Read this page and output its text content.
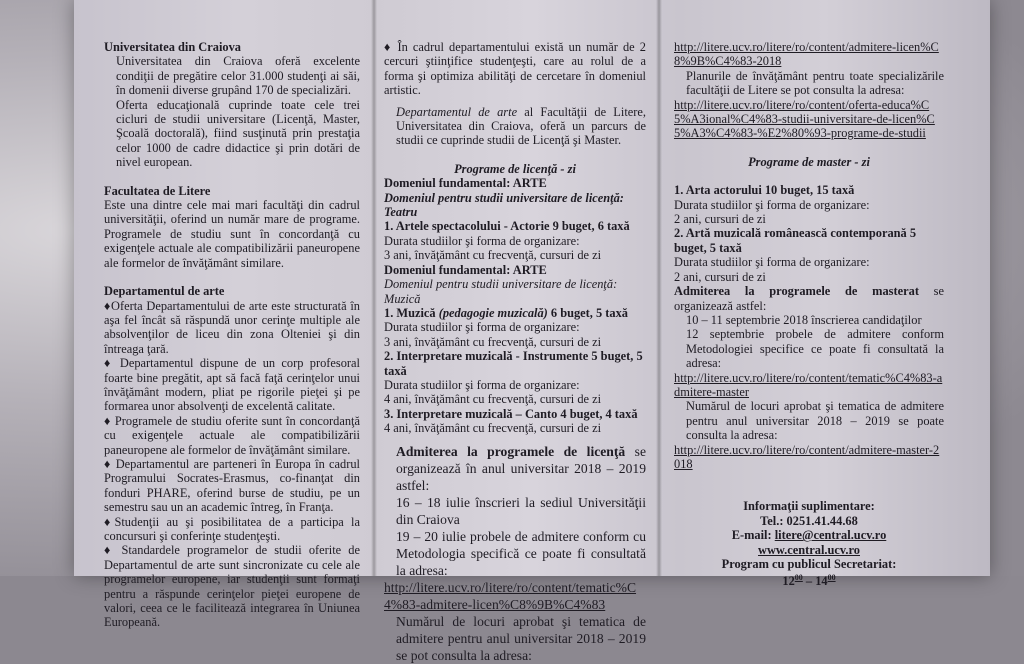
Universitatea din Craiova

Universitatea din Craiova oferă excelente condiţii de pregătire celor 31.000 studenţi ai săi, în domenii diverse grupând 170 de specializări.

Oferta educaţională cuprinde toate cele trei cicluri de studii universitare (Licenţă, Master, Şcoală doctorală), fiind susţinută prin prestaţia celor 1000 de cadre didactice şi prin dotări de nivel european.

Facultatea de Litere

Este una dintre cele mai mari facultăţi din cadrul universităţii, oferind un număr mare de programe. Programele de studiu sunt în concordanţă cu exigenţele actuale ale compatibilizării paneuropene ale formelor de învăţământ similare.

Departamentul de arte

♦Oferta Departamentului de arte este structurată în aşa fel încât să răspundă unor cerinţe multiple ale absolvenţilor de liceu din zona Olteniei şi din întreaga ţară.

♦ Departamentul dispune de un corp profesoral foarte bine pregătit, apt să facă faţă cerinţelor unui învăţământ modern, pliat pe rigorile pieţei şi pe formarea unor absolvenţi de excelentă calitate.

♦ Programele de studiu oferite sunt în concordanţă cu exigenţele actuale ale compatibilizării paneuropene ale formelor de învăţământ similare.

♦ Departamentul are parteneri în Europa în cadrul Programului Socrates-Erasmus, co-finanţat din fonduri PHARE, oferind burse de studiu, pe un semestru sau un an academic întreg, în Franţa.

♦Studenţii au şi posibilitatea de a participa la concursuri şi conferinţe studenţeşti.

♦ Standardele programelor de studii oferite de Departamentul de arte sunt sincronizate cu cele ale programelor europene, iar studenţii sunt formaţi pentru a răspunde cerinţelor pieţei europene de valori, ceea ce le facilitează integrarea în Uniunea Europeană.

♦ În cadrul departamentului există un număr de 2 cercuri ştiinţifice studenţeşti, care au rolul de a forma şi optimiza abilităţi de cercetare în domeniul artistic.

Departamentul de arte al Facultăţii de Litere, Universitatea din Craiova, oferă un parcurs de studii ce cuprinde studii de Licenţă şi Master.

Programe de licenţă - zi

Domeniul fundamental: ARTE

Domeniul pentru studii universitare de licenţă: Teatru

1. Artele spectacolului - Actorie 9 buget, 6 taxă

Durata studiilor şi forma de organizare:

3 ani, învăţământ cu frecvenţă, cursuri de zi

Domeniul fundamental: ARTE

Domeniul pentru studii universitare de licenţă: Muzică

1. Muzică (pedagogie muzicală) 6 buget, 5 taxă

Durata studiilor şi forma de organizare:

3 ani, învăţământ cu frecvenţă, cursuri de zi

2. Interpretare muzicală - Instrumente 5 buget, 5 taxă

Durata studiilor şi forma de organizare:

4 ani, învăţământ cu frecvenţă, cursuri de zi

3. Interpretare muzicală – Canto 4 buget, 4 taxă

4 ani, învăţământ cu frecvenţă, cursuri de zi

Admiterea la programele de licenţă se organizează în anul universitar 2018 – 2019 astfel:

16 – 18 iulie înscrieri la sediul Universităţii din Craiova

19 – 20 iulie probele de admitere conform cu Metodologia specifică ce poate fi consultată la adresa:

http://litere.ucv.ro/litere/ro/content/tematic%C4%83-admitere-licen%C8%9B%C4%83

Numărul de locuri aprobat şi tematica de admitere pentru anul universitar 2018 – 2019 se pot consulta la adresa:

http://litere.ucv.ro/litere/ro/content/admitere-licen%C8%9B%C4%83-2018

Planurile de învăţământ pentru toate specializările facultăţii de Litere se pot consulta la adresa:

http://litere.ucv.ro/litere/ro/content/oferta-educa%C5%A3ional%C4%83-studii-universitare-de-licen%C5%A3%C4%83-%E2%80%93-programe-de-studii

Programe de master - zi

1. Arta actorului 10 buget, 15 taxă

Durata studiilor şi forma de organizare:

2 ani, cursuri de zi

2. Artă muzicală românească contemporană 5 buget, 5 taxă

Durata studiilor şi forma de organizare:

2 ani, cursuri de zi

Admiterea la programele de masterat se organizează astfel:

10 – 11 septembrie 2018 înscrierea candidaţilor

12 septembrie probele de admitere conform Metodologiei specifice ce poate fi consultată la adresa:

http://litere.ucv.ro/litere/ro/content/tematic%C4%83-admitere-master

Numărul de locuri aprobat şi tematica de admitere pentru anul universitar 2018 – 2019 se poate consulta la adresa:

http://litere.ucv.ro/litere/ro/content/admitere-master-2018

Informaţii suplimentare:

Tel.: 0251.41.44.68

E-mail: litere@central.ucv.ro

www.central.ucv.ro

Program cu publicul Secretariat:

$12^{00} - 14^{00}$
